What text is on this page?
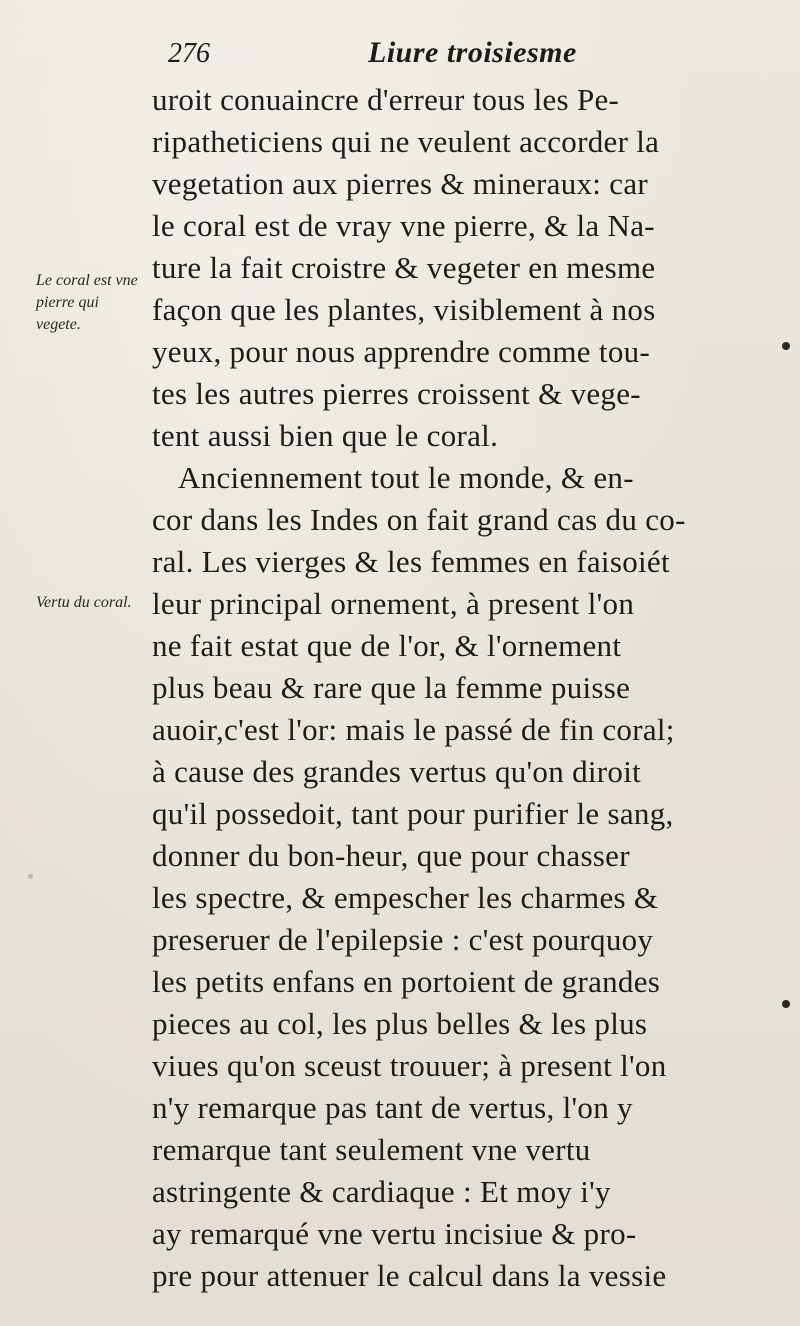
276	Liure troisiesme
Le coral est vne pierre qui vegete.
Vertu du coral.
uroit conuaincre d'erreur tous les Pe-
ripatheticiens qui ne veulent accorder la
vegetation aux pierres & mineraux: car
le coral est de vray vne pierre, & la Na-
ture la fait croistre & vegeter en mesme
façon que les plantes, visiblement à nos
yeux, pour nous apprendre comme tou-
tes les autres pierres croissent & vege-
tent aussi bien que le coral.
Anciennement tout le monde, & en-
cor dans les Indes on fait grand cas du co-
ral. Les vierges & les femmes en faisoiét
leur principal ornement, à present l'on
ne fait estat que de l'or, & l'ornement
plus beau & rare que la femme puisse
auoir,c'est l'or: mais le passé de fin coral;
à cause des grandes vertus qu'on diroit
qu'il possedoit, tant pour purifier le sang,
donner du bon-heur, que pour chasser
les spectre, & empescher les charmes &
preseruer de l'epilepsie : c'est pourquoy
les petits enfans en portoient de grandes
pieces au col, les plus belles & les plus
viues qu'on sceust trouuer; à present l'on
n'y remarque pas tant de vertus, l'on y
remarque tant seulement vne vertu
astringente & cardiaque : Et moy i'y
ay remarqué vne vertu incisiue & pro-
pre pour attenuer le calcul dans la vessie
